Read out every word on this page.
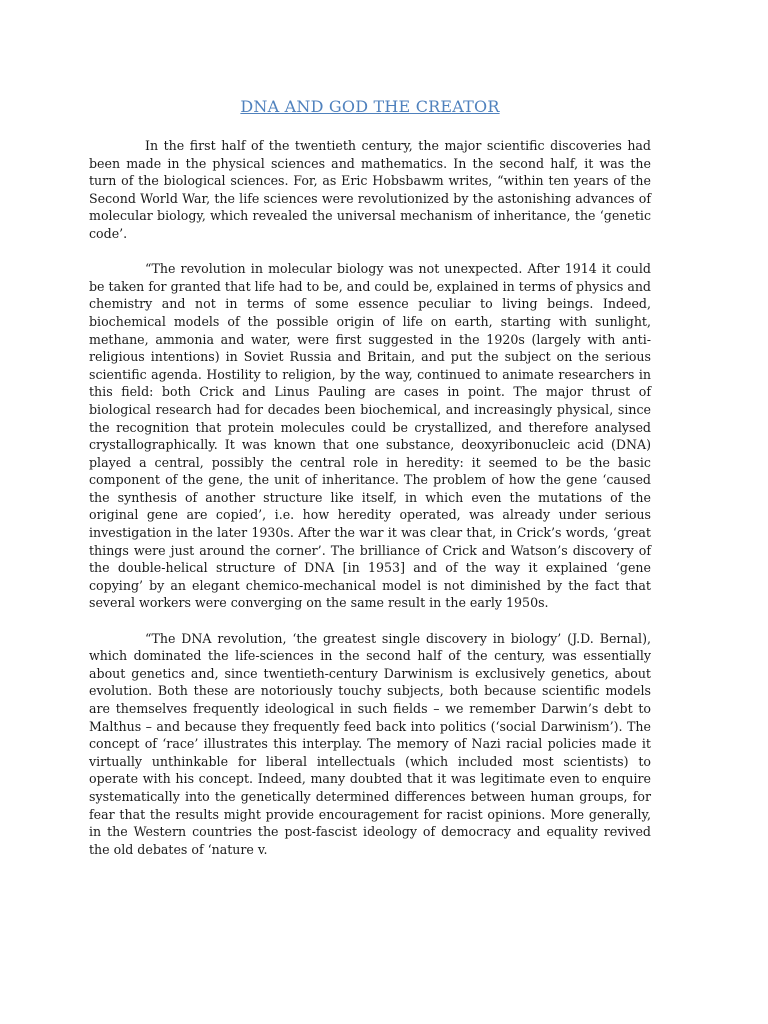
DNA AND GOD THE CREATOR

In the first half of the twentieth century, the major scientific discoveries had been made in the physical sciences and mathematics. In the second half, it was the turn of the biological sciences. For, as Eric Hobsbawm writes, “within ten years of the Second World War, the life sciences were revolutionized by the astonishing advances of molecular biology, which revealed the universal mechanism of inheritance, the ‘genetic code’.

“The revolution in molecular biology was not unexpected. After 1914 it could be taken for granted that life had to be, and could be, explained in terms of physics and chemistry and not in terms of some essence peculiar to living beings. Indeed, biochemical models of the possible origin of life on earth, starting with sunlight, methane, ammonia and water, were first suggested in the 1920s (largely with anti-religious intentions) in Soviet Russia and Britain, and put the subject on the serious scientific agenda. Hostility to religion, by the way, continued to animate researchers in this field: both Crick and Linus Pauling are cases in point. The major thrust of biological research had for decades been biochemical, and increasingly physical, since the recognition that protein molecules could be crystallized, and therefore analysed crystallographically. It was known that one substance, deoxyribonucleic acid (DNA) played a central, possibly the central role in heredity: it seemed to be the basic component of the gene, the unit of inheritance. The problem of how the gene ‘caused the synthesis of another structure like itself, in which even the mutations of the original gene are copied’, i.e. how heredity operated, was already under serious investigation in the later 1930s. After the war it was clear that, in Crick’s words, ‘great things were just around the corner’. The brilliance of Crick and Watson’s discovery of the double-helical structure of DNA [in 1953] and of the way it explained ‘gene copying’ by an elegant chemico-mechanical model is not diminished by the fact that several workers were converging on the same result in the early 1950s.

“The DNA revolution, ‘the greatest single discovery in biology’ (J.D. Bernal), which dominated the life-sciences in the second half of the century, was essentially about genetics and, since twentieth-century Darwinism is exclusively genetics, about evolution. Both these are notoriously touchy subjects, both because scientific models are themselves frequently ideological in such fields – we remember Darwin’s debt to Malthus – and because they frequently feed back into politics (‘social Darwinism’). The concept of ‘race’ illustrates this interplay. The memory of Nazi racial policies made it virtually unthinkable for liberal intellectuals (which included most scientists) to operate with his concept. Indeed, many doubted that it was legitimate even to enquire systematically into the genetically determined differences between human groups, for fear that the results might provide encouragement for racist opinions. More generally, in the Western countries the post-fascist ideology of democracy and equality revived the old debates of ‘nature v.
